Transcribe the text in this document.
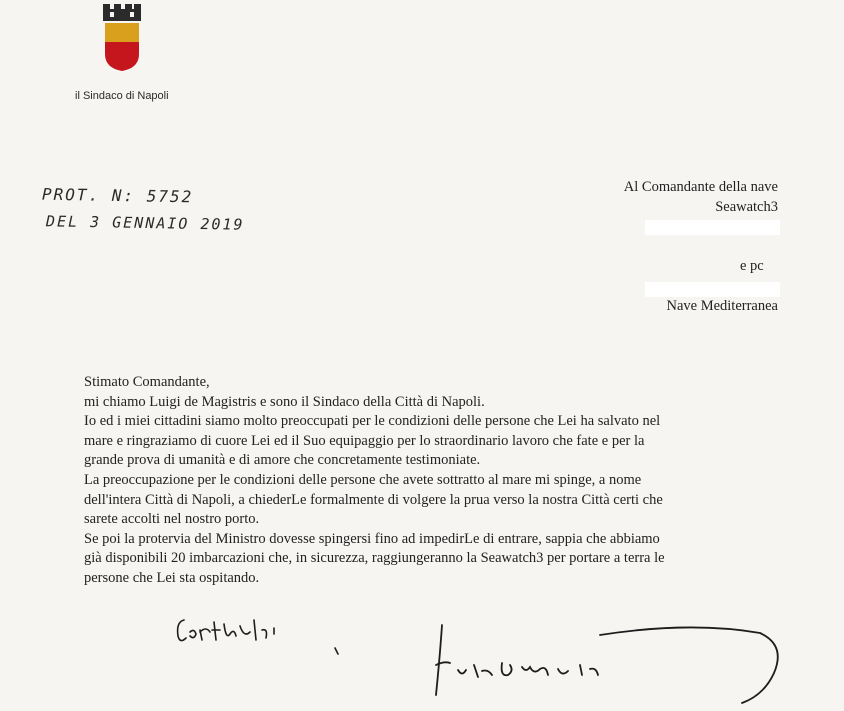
il Sindaco di Napoli
PROT. N: 5752
DEL 3 GENNAIO 2019
Al Comandante della nave
Seawatch3
e pc
Nave Mediterranea
Stimato Comandante,
mi chiamo Luigi de Magistris e sono il Sindaco della Città di Napoli.
Io ed i miei cittadini siamo molto preoccupati per le condizioni delle persone che Lei ha salvato nel
mare e ringraziamo di cuore Lei ed il Suo equipaggio per lo straordinario lavoro che fate e per la
grande prova di umanità e di amore che concretamente testimoniate.
La preoccupazione per le condizioni delle persone che avete sottratto al mare mi spinge, a nome
dell'intera Città di Napoli, a chiederLe formalmente di volgere la prua verso la nostra Città certi che
sarete accolti nel nostro porto.
Se poi la protervia del Ministro dovesse spingersi fino ad impedirLe di entrare, sappia che abbiamo
già disponibili 20 imbarcazioni che, in sicurezza, raggiungeranno la Seawatch3 per portare a terra le
persone che Lei sta ospitando.
